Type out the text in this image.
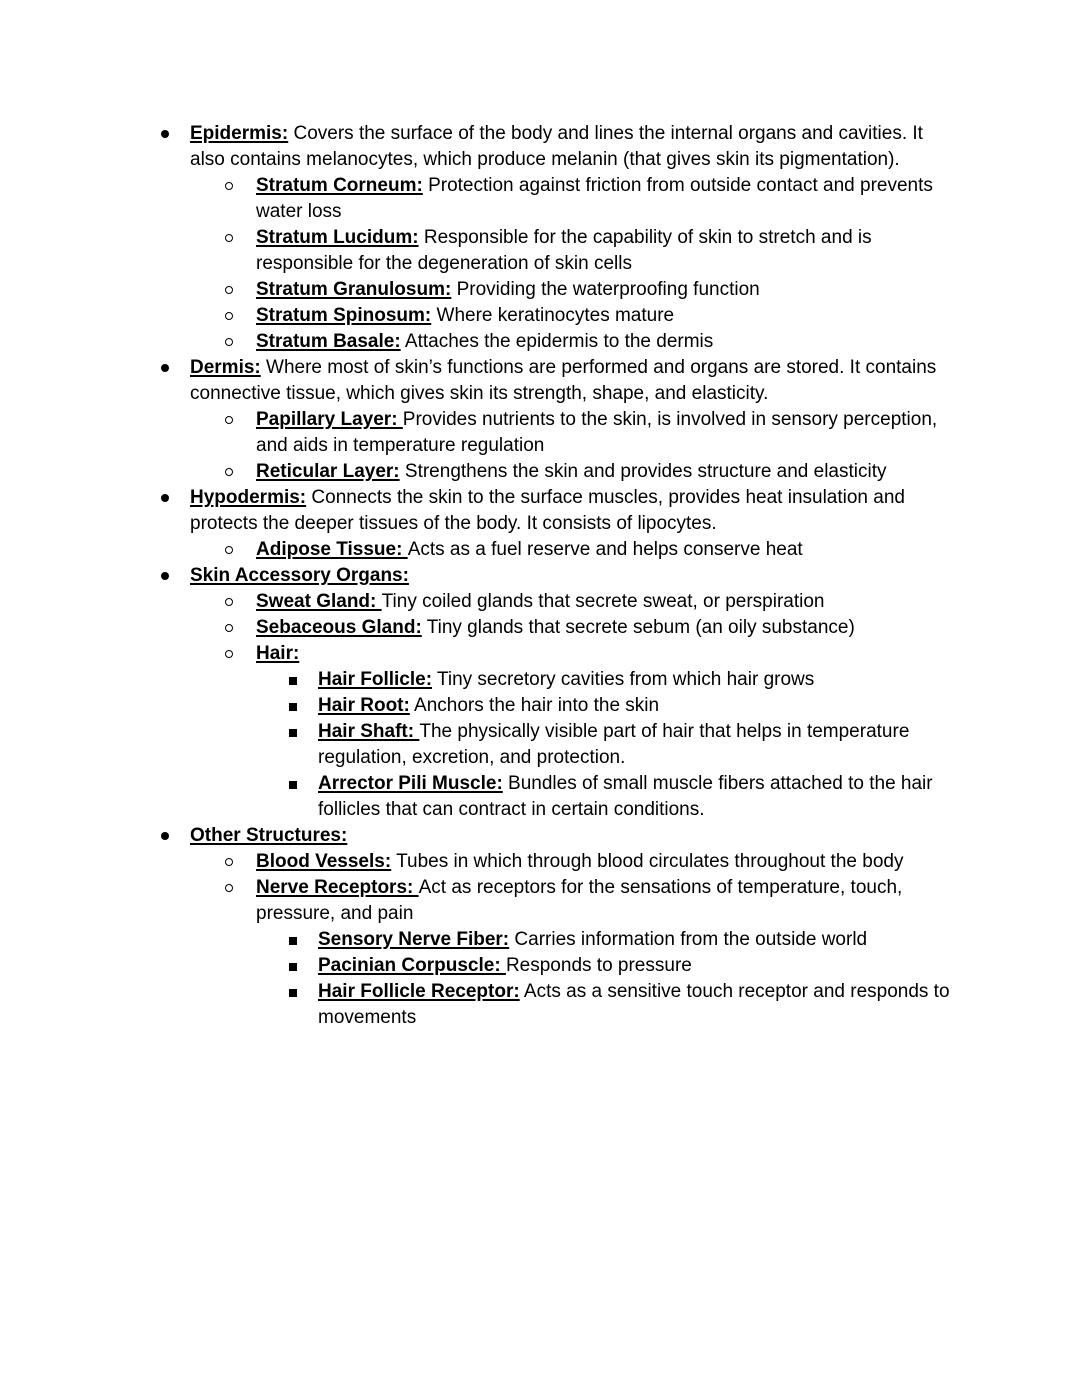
Epidermis: Covers the surface of the body and lines the internal organs and cavities. It also contains melanocytes, which produce melanin (that gives skin its pigmentation).
Stratum Corneum: Protection against friction from outside contact and prevents water loss
Stratum Lucidum: Responsible for the capability of skin to stretch and is responsible for the degeneration of skin cells
Stratum Granulosum: Providing the waterproofing function
Stratum Spinosum: Where keratinocytes mature
Stratum Basale: Attaches the epidermis to the dermis
Dermis: Where most of skin’s functions are performed and organs are stored. It contains connective tissue, which gives skin its strength, shape, and elasticity.
Papillary Layer: Provides nutrients to the skin, is involved in sensory perception, and aids in temperature regulation
Reticular Layer: Strengthens the skin and provides structure and elasticity
Hypodermis: Connects the skin to the surface muscles, provides heat insulation and protects the deeper tissues of the body. It consists of lipocytes.
Adipose Tissue: Acts as a fuel reserve and helps conserve heat
Skin Accessory Organs:
Sweat Gland: Tiny coiled glands that secrete sweat, or perspiration
Sebaceous Gland: Tiny glands that secrete sebum (an oily substance)
Hair:
Hair Follicle: Tiny secretory cavities from which hair grows
Hair Root: Anchors the hair into the skin
Hair Shaft: The physically visible part of hair that helps in temperature regulation, excretion, and protection.
Arrector Pili Muscle: Bundles of small muscle fibers attached to the hair follicles that can contract in certain conditions.
Other Structures:
Blood Vessels: Tubes in which through blood circulates throughout the body
Nerve Receptors: Act as receptors for the sensations of temperature, touch, pressure, and pain
Sensory Nerve Fiber: Carries information from the outside world
Pacinian Corpuscle: Responds to pressure
Hair Follicle Receptor: Acts as a sensitive touch receptor and responds to movements
